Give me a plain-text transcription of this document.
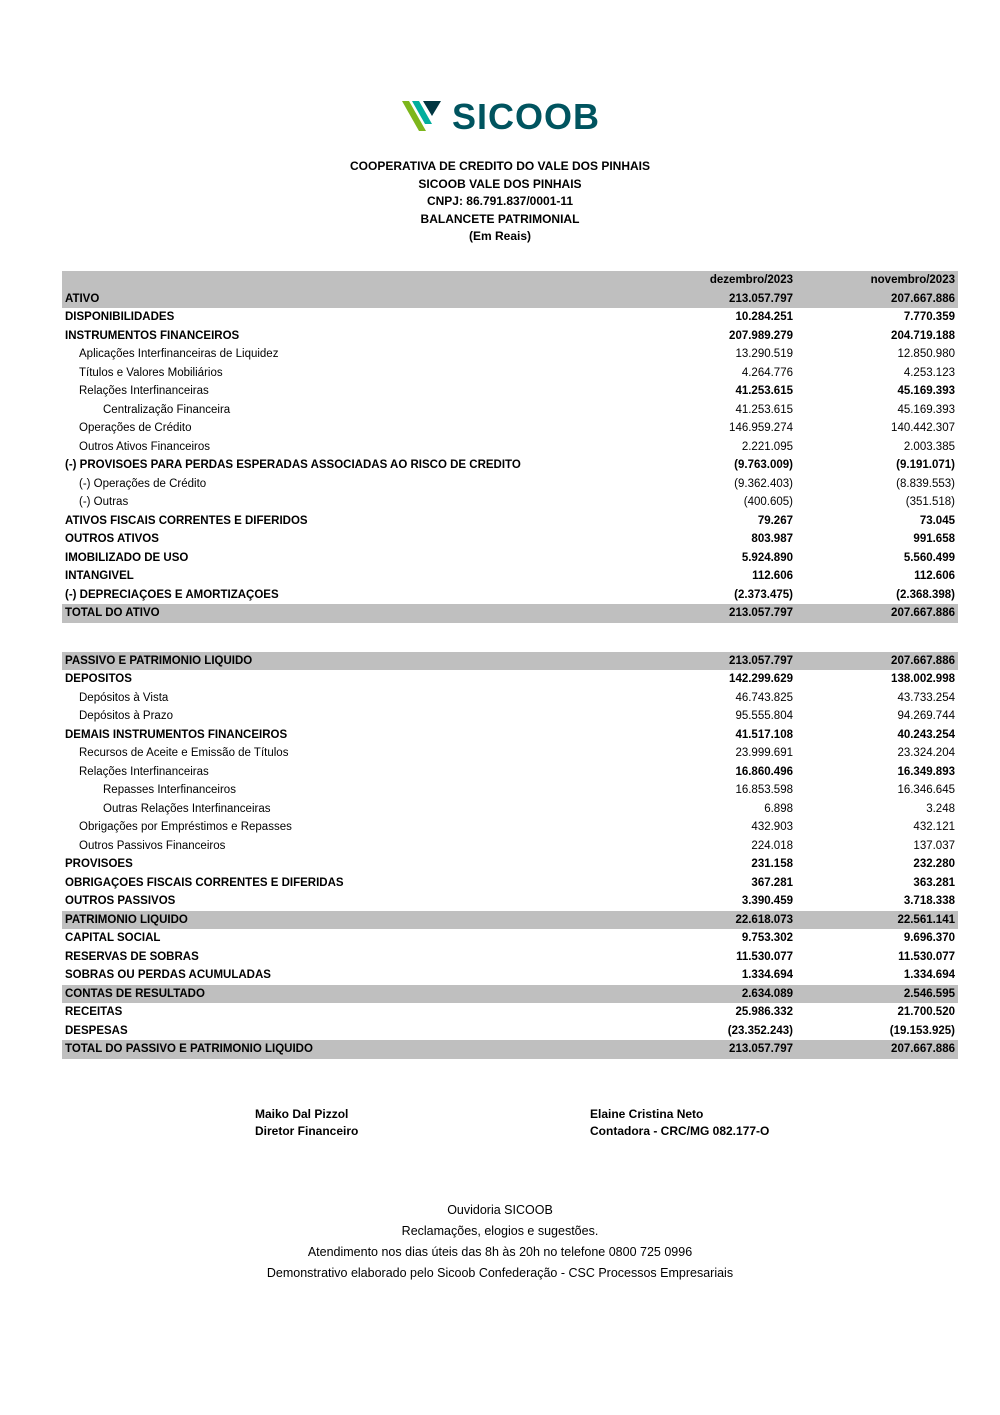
SICOOB
COOPERATIVA DE CREDITO DO VALE DOS PINHAIS
SICOOB VALE DOS PINHAIS
CNPJ: 86.791.837/0001-11
BALANCETE PATRIMONIAL
(Em Reais)
dezembro/2023	novembro/2023
ATIVO	213.057.797	207.667.886
DISPONIBILIDADES	10.284.251	7.770.359
INSTRUMENTOS FINANCEIROS	207.989.279	204.719.188
Aplicações Interfinanceiras de Liquidez	13.290.519	12.850.980
Títulos e Valores Mobiliários	4.264.776	4.253.123
Relações Interfinanceiras	41.253.615	45.169.393
Centralização Financeira	41.253.615	45.169.393
Operações de Crédito	146.959.274	140.442.307
Outros Ativos Financeiros	2.221.095	2.003.385
(-) PROVISÕES PARA PERDAS ESPERADAS ASSOCIADAS AO RISCO DE CRÉDITO	(9.763.009)	(9.191.071)
(-) Operações de Crédito	(9.362.403)	(8.839.553)
(-) Outras	(400.605)	(351.518)
ATIVOS FISCAIS CORRENTES E DIFERIDOS	79.267	73.045
OUTROS ATIVOS	803.987	991.658
IMOBILIZADO DE USO	5.924.890	5.560.499
INTANGÍVEL	112.606	112.606
(-) DEPRECIAÇÕES E AMORTIZAÇÕES	(2.373.475)	(2.368.398)
TOTAL DO ATIVO	213.057.797	207.667.886
PASSIVO E PATRIMÔNIO LÍQUIDO	213.057.797	207.667.886
DEPÓSITOS	142.299.629	138.002.998
Depósitos à Vista	46.743.825	43.733.254
Depósitos à Prazo	95.555.804	94.269.744
DEMAIS INSTRUMENTOS FINANCEIROS	41.517.108	40.243.254
Recursos de Aceite e Emissão de Títulos	23.999.691	23.324.204
Relações Interfinanceiras	16.860.496	16.349.893
Repasses Interfinanceiros	16.853.598	16.346.645
Outras Relações Interfinanceiras	6.898	3.248
Obrigações por Empréstimos e Repasses	432.903	432.121
Outros Passivos Financeiros	224.018	137.037
PROVISÕES	231.158	232.280
OBRIGAÇÕES FISCAIS CORRENTES E DIFERIDAS	367.281	363.281
OUTROS PASSIVOS	3.390.459	3.718.338
PATRIMÔNIO LÍQUIDO	22.618.073	22.561.141
CAPITAL SOCIAL	9.753.302	9.696.370
RESERVAS DE SOBRAS	11.530.077	11.530.077
SOBRAS OU PERDAS ACUMULADAS	1.334.694	1.334.694
CONTAS DE RESULTADO	2.634.089	2.546.595
RECEITAS	25.986.332	21.700.520
DESPESAS	(23.352.243)	(19.153.925)
TOTAL DO PASSIVO E PATRIMÔNIO LÍQUIDO	213.057.797	207.667.886
Maiko Dal Pizzol
Diretor Financeiro
Elaine Cristina Neto
Contadora - CRC/MG 082.177-O
Ouvidoria SICOOB
Reclamações, elogios e sugestões.
Atendimento nos dias úteis das 8h às 20h no telefone 0800 725 0996
Demonstrativo elaborado pelo Sicoob Confederação - CSC Processos Empresariais
